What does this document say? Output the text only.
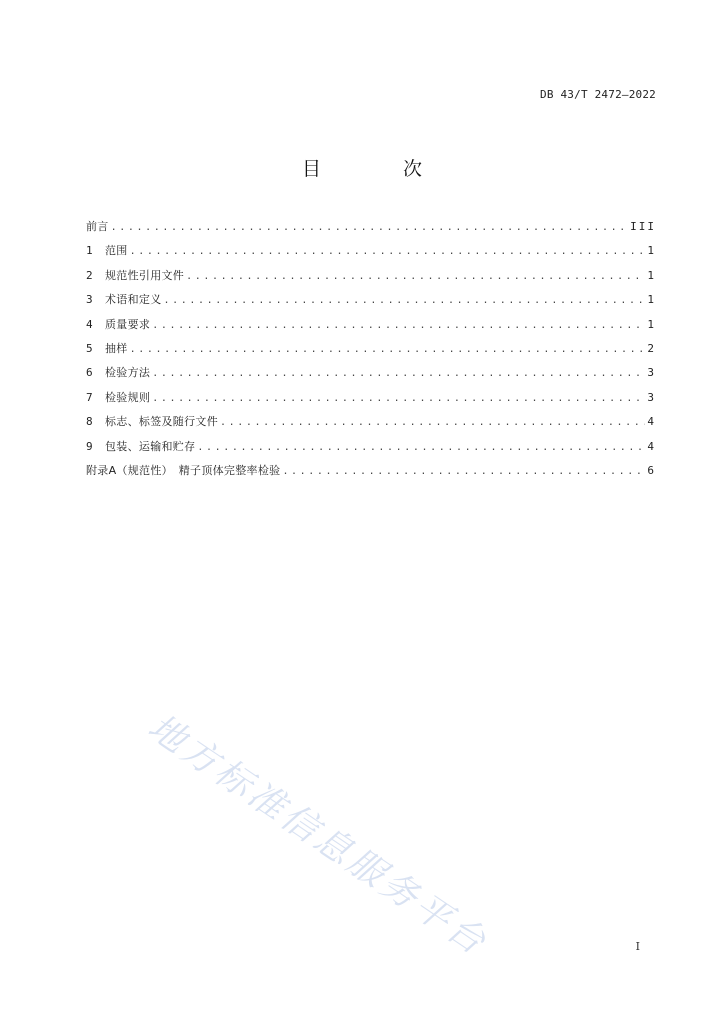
DB 43/T 2472—2022
目 次
前言 .....	III
1	范围 .....	1
2	规范性引用文件 .....	1
3	术语和定义 .....	1
4	质量要求 .....	1
5	抽样 .....	2
6	检验方法 .....	3
7	检验规则 .....	3
8	标志、标签及随行文件 .....	4
9	包装、运输和贮存 .....	4
附录A（规范性）　精子顶体完整率检验 .....	6
地方标准信息服务平台	I
